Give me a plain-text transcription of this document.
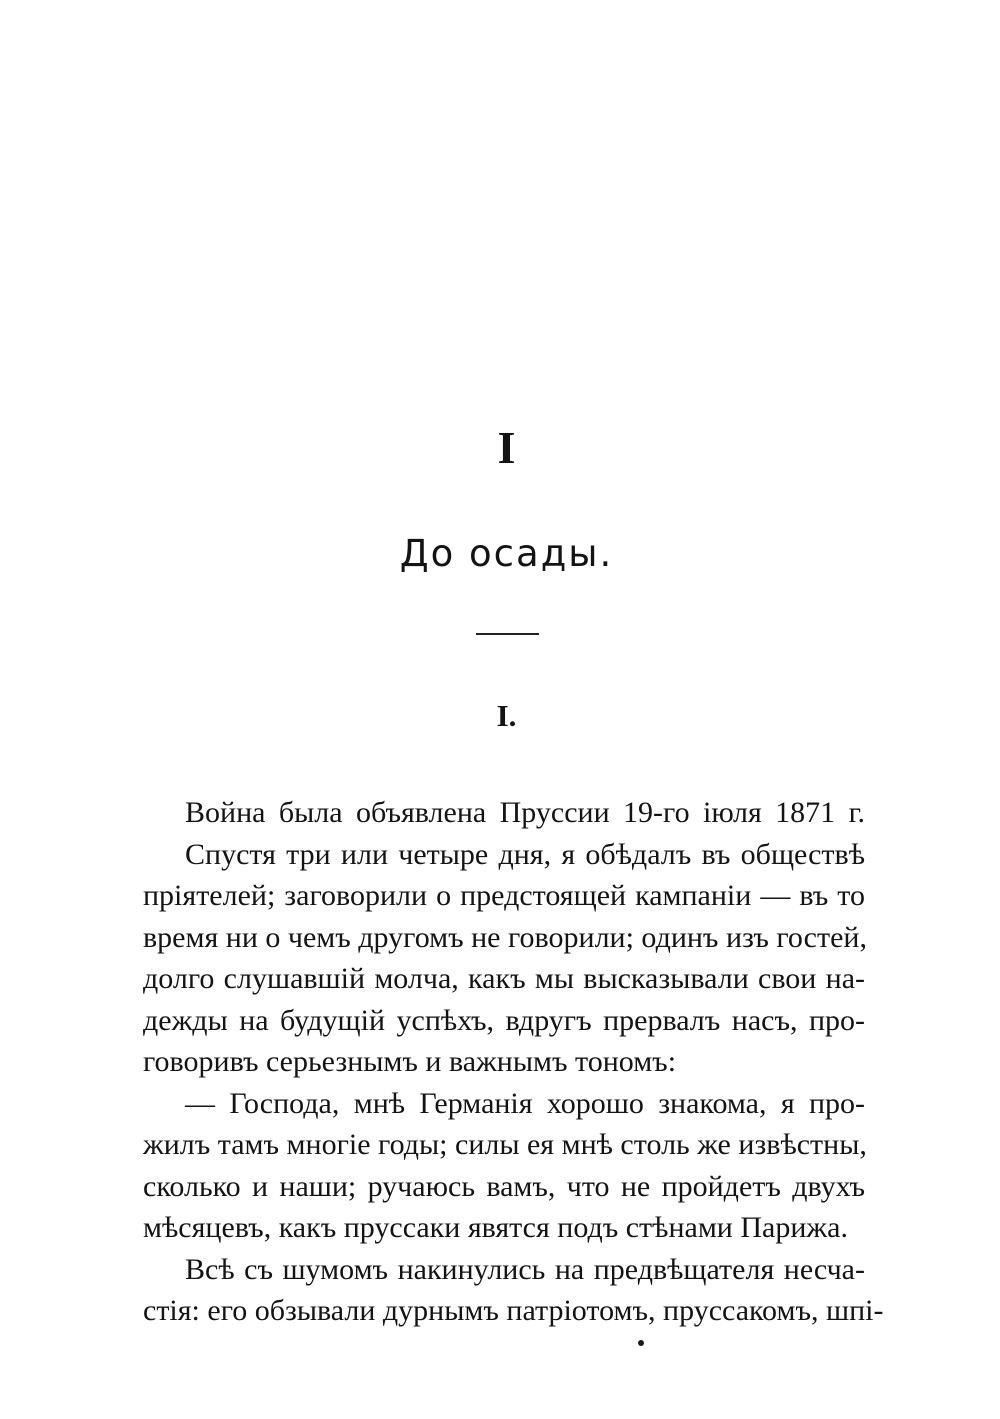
I
До осады.
I.
Война была объявлена Пруссии 19-го іюля 1871 г.
Спустя три или четыре дня, я обѣдалъ въ обществѣ
пріятелей; заговорили о предстоящей кампаніи — въ то
время ни о чемъ другомъ не говорили; одинъ изъ гостей,
долго слушавшій молча, какъ мы высказывали свои на-
дежды на будущій успѣхъ, вдругъ прервалъ насъ, про-
говоривъ серьезнымъ и важнымъ тономъ:
— Господа, мнѣ Германія хорошо знакома, я про-
жилъ тамъ многіе годы; силы ея мнѣ столь же извѣстны,
сколько и наши; ручаюсь вамъ, что не пройдетъ двухъ
мѣсяцевъ, какъ пруссаки явятся подъ стѣнами Парижа.
Всѣ съ шумомъ накинулись на предвѣщателя несча-
стія: его обзывали дурнымъ патріотомъ, пруссакомъ, шпі-
